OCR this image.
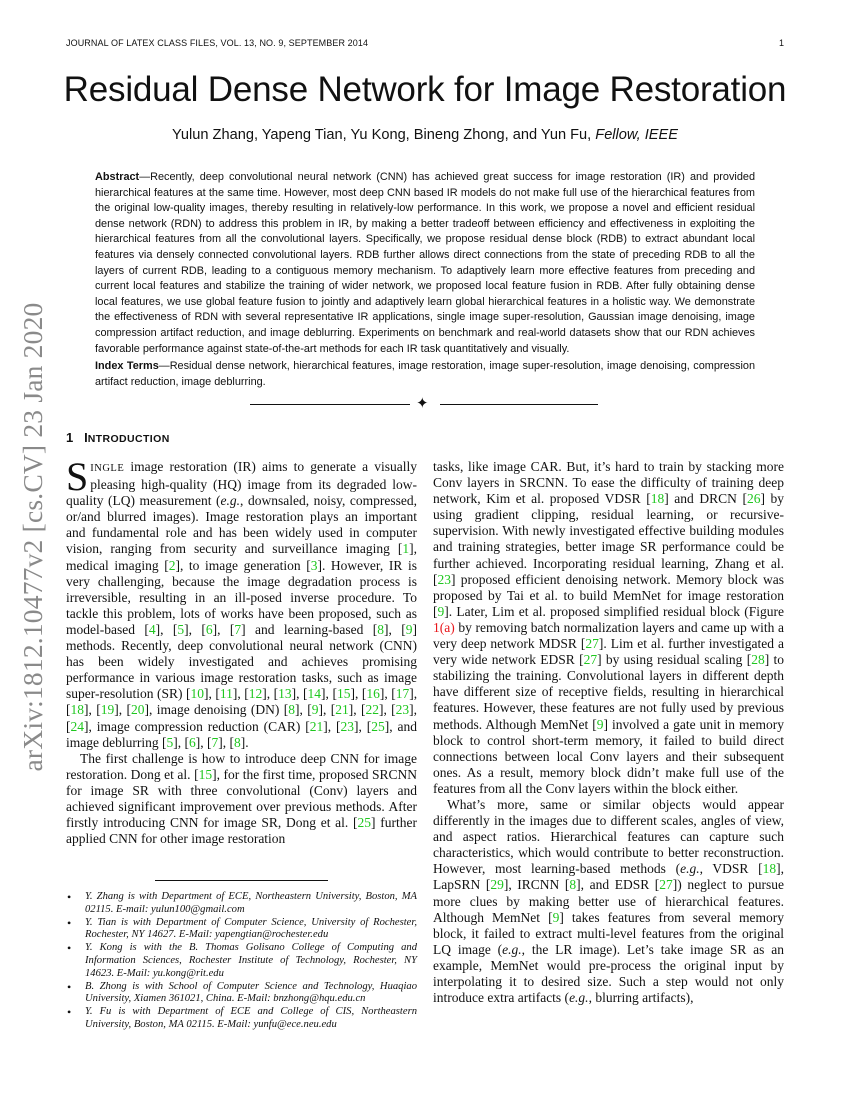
JOURNAL OF LATEX CLASS FILES, VOL. 13, NO. 9, SEPTEMBER 2014	1
arXiv:1812.10477v2 [cs.CV] 23 Jan 2020
Residual Dense Network for Image Restoration
Yulun Zhang, Yapeng Tian, Yu Kong, Bineng Zhong, and Yun Fu, Fellow, IEEE
Abstract—Recently, deep convolutional neural network (CNN) has achieved great success for image restoration (IR) and provided hierarchical features at the same time. However, most deep CNN based IR models do not make full use of the hierarchical features from the original low-quality images, thereby resulting in relatively-low performance. In this work, we propose a novel and efficient residual dense network (RDN) to address this problem in IR, by making a better tradeoff between efficiency and effectiveness in exploiting the hierarchical features from all the convolutional layers. Specifically, we propose residual dense block (RDB) to extract abundant local features via densely connected convolutional layers. RDB further allows direct connections from the state of preceding RDB to all the layers of current RDB, leading to a contiguous memory mechanism. To adaptively learn more effective features from preceding and current local features and stabilize the training of wider network, we proposed local feature fusion in RDB. After fully obtaining dense local features, we use global feature fusion to jointly and adaptively learn global hierarchical features in a holistic way. We demonstrate the effectiveness of RDN with several representative IR applications, single image super-resolution, Gaussian image denoising, image compression artifact reduction, and image deblurring. Experiments on benchmark and real-world datasets show that our RDN achieves favorable performance against state-of-the-art methods for each IR task quantitatively and visually.
Index Terms—Residual dense network, hierarchical features, image restoration, image super-resolution, image denoising, compression artifact reduction, image deblurring.
✦
1 INTRODUCTION

SINGLE image restoration (IR) aims to generate a visually pleasing high-quality (HQ) image from its degraded low-quality (LQ) measurement (e.g., downsaled, noisy, compressed, or/and blurred images). Image restoration plays an important and fundamental role and has been widely used in computer vision, ranging from security and surveillance imaging [1], medical imaging [2], to image generation [3]. However, IR is very challenging, because the image degradation process is irreversible, resulting in an ill-posed inverse procedure. To tackle this problem, lots of works have been proposed, such as model-based [4], [5], [6], [7] and learning-based [8], [9] methods. Recently, deep convolutional neural network (CNN) has been widely investigated and achieves promising performance in various image restoration tasks, such as image super-resolution (SR) [10], [11], [12], [13], [14], [15], [16], [17], [18], [19], [20], image denoising (DN) [8], [9], [21], [22], [23], [24], image compression reduction (CAR) [21], [23], [25], and image deblurring [5], [6], [7], [8].

The first challenge is how to introduce deep CNN for image restoration. Dong et al. [15], for the first time, proposed SRCNN for image SR with three convolutional (Conv) layers and achieved significant improvement over previous methods. After firstly introducing CNN for image SR, Dong et al. [25] further applied CNN for other image restoration

tasks, like image CAR. But, it’s hard to train by stacking more Conv layers in SRCNN. To ease the difficulty of training deep network, Kim et al. proposed VDSR [18] and DRCN [26] by using gradient clipping, residual learning, or recursive-supervision. With newly investigated effective building modules and training strategies, better image SR performance could be further achieved. Incorporating residual learning, Zhang et al. [23] proposed efficient denoising network. Memory block was proposed by Tai et al. to build MemNet for image restoration [9]. Later, Lim et al. proposed simplified residual block (Figure 1(a) by removing batch normalization layers and came up with a very deep network MDSR [27]. Lim et al. further investigated a very wide network EDSR [27] by using residual scaling [28] to stabilizing the training. Convolutional layers in different depth have different size of receptive fields, resulting in hierarchical features. However, these features are not fully used by previous methods. Although MemNet [9] involved a gate unit in memory block to control short-term memory, it failed to build direct connections between local Conv layers and their subsequent ones. As a result, memory block didn’t make full use of the features from all the Conv layers within the block either.

What’s more, same or similar objects would appear differently in the images due to different scales, angles of view, and aspect ratios. Hierarchical features can capture such characteristics, which would contribute to better reconstruction. However, most learning-based methods (e.g., VDSR [18], LapSRN [29], IRCNN [8], and EDSR [27]) neglect to pursue more clues by making better use of hierarchical features. Although MemNet [9] takes features from several memory block, it failed to extract multi-level features from the original LQ image (e.g., the LR image). Let’s take image SR as an example, MemNet would pre-process the original input by interpolating it to desired size. Such a step would not only introduce extra artifacts (e.g., blurring artifacts),

• Y. Zhang is with Department of ECE, Northeastern University, Boston, MA 02115. E-mail: yulun100@gmail.com
• Y. Tian is with Department of Computer Science, University of Rochester, Rochester, NY 14627. E-Mail: yapengtian@rochester.edu
• Y. Kong is with the B. Thomas Golisano College of Computing and Information Sciences, Rochester Institute of Technology, Rochester, NY 14623. E-Mail: yu.kong@rit.edu
• B. Zhong is with School of Computer Science and Technology, Huaqiao University, Xiamen 361021, China. E-Mail: bnzhong@hqu.edu.cn
• Y. Fu is with Department of ECE and College of CIS, Northeastern University, Boston, MA 02115. E-Mail: yunfu@ece.neu.edu
